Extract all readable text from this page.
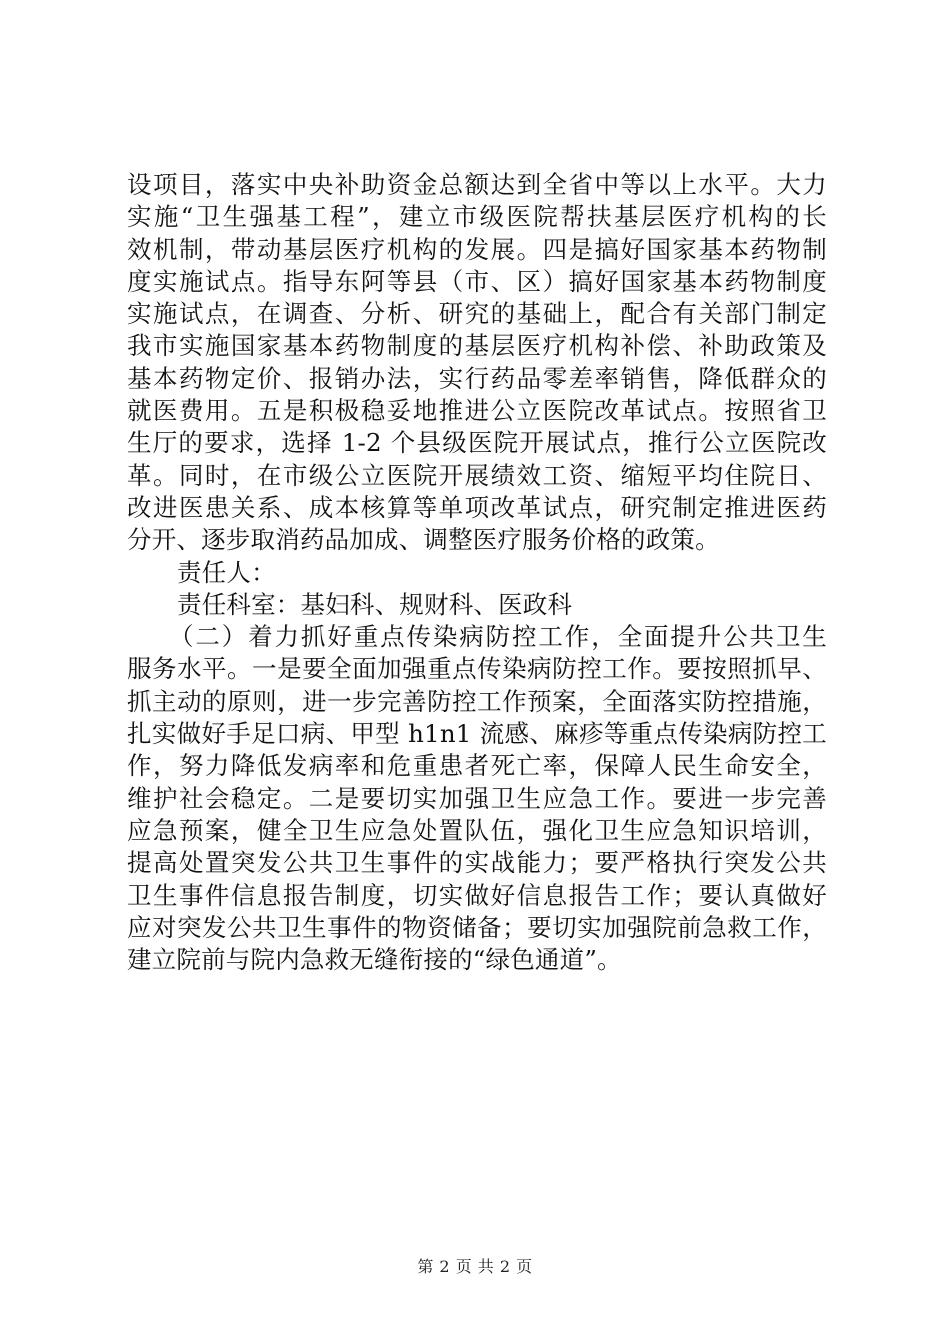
设项目，落实中央补助资金总额达到全省中等以上水平。大力
实施“卫生强基工程”，建立市级医院帮扶基层医疗机构的长
效机制，带动基层医疗机构的发展。四是搞好国家基本药物制
度实施试点。指导东阿等县（市、区）搞好国家基本药物制度
实施试点，在调查、分析、研究的基础上，配合有关部门制定
我市实施国家基本药物制度的基层医疗机构补偿、补助政策及
基本药物定价、报销办法，实行药品零差率销售，降低群众的
就医费用。五是积极稳妥地推进公立医院改革试点。按照省卫
生厅的要求，选择 1-2 个县级医院开展试点，推行公立医院改
革。同时，在市级公立医院开展绩效工资、缩短平均住院日、
改进医患关系、成本核算等单项改革试点，研究制定推进医药
分开、逐步取消药品加成、调整医疗服务价格的政策。
责任人：
责任科室：基妇科、规财科、医政科
（二）着力抓好重点传染病防控工作，全面提升公共卫生
服务水平。一是要全面加强重点传染病防控工作。要按照抓早、
抓主动的原则，进一步完善防控工作预案，全面落实防控措施，
扎实做好手足口病、甲型 h1n1 流感、麻疹等重点传染病防控工
作，努力降低发病率和危重患者死亡率，保障人民生命安全，
维护社会稳定。二是要切实加强卫生应急工作。要进一步完善
应急预案，健全卫生应急处置队伍，强化卫生应急知识培训，
提高处置突发公共卫生事件的实战能力；要严格执行突发公共
卫生事件信息报告制度，切实做好信息报告工作；要认真做好
应对突发公共卫生事件的物资储备；要切实加强院前急救工作，
建立院前与院内急救无缝衔接的“绿色通道”。
第 2 页 共 2 页
